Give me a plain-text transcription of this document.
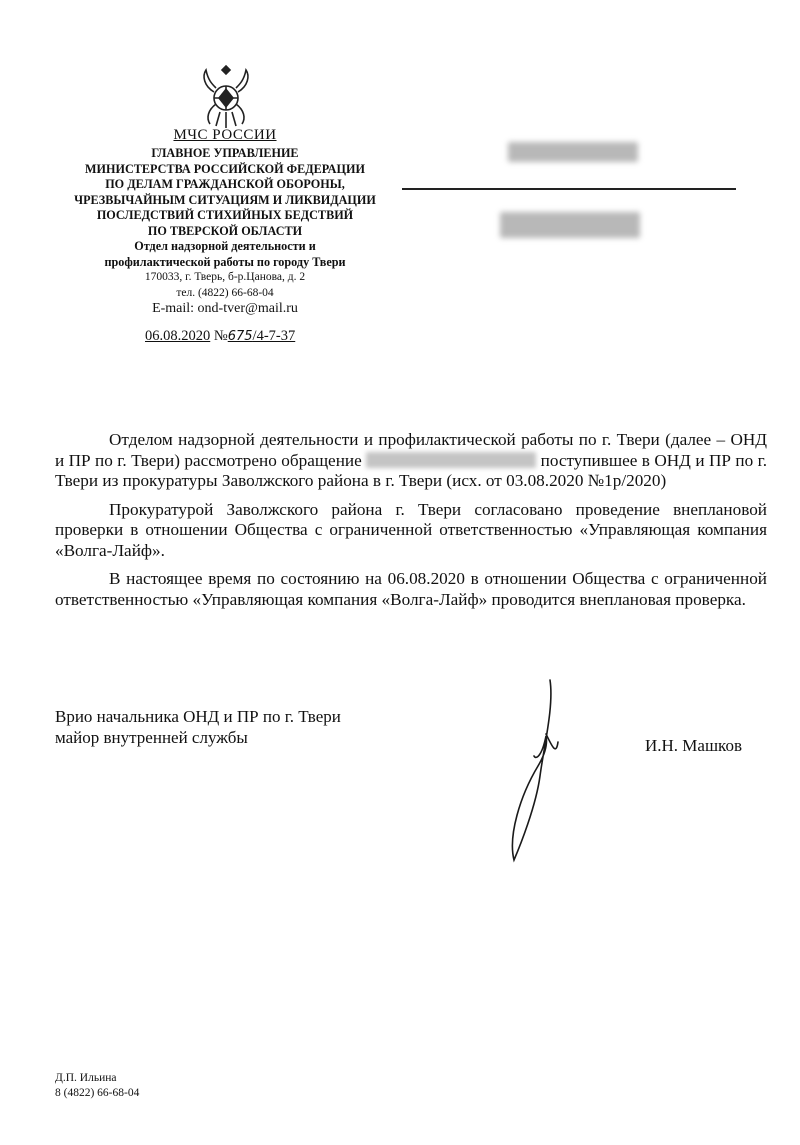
МЧС РОССИИ
ГЛАВНОЕ УПРАВЛЕНИЕ
МИНИСТЕРСТВА РОССИЙСКОЙ ФЕДЕРАЦИИ
ПО ДЕЛАМ ГРАЖДАНСКОЙ ОБОРОНЫ,
ЧРЕЗВЫЧАЙНЫМ СИТУАЦИЯМ И ЛИКВИДАЦИИ
ПОСЛЕДСТВИЙ СТИХИЙНЫХ БЕДСТВИЙ
ПО ТВЕРСКОЙ ОБЛАСТИ
Отдел надзорной деятельности и
профилактической работы по городу Твери
170033, г. Тверь, б-р.Цанова, д. 2
тел. (4822) 66-68-04
E-mail: ond-tver@mail.ru
06.08.2020 №675/4-7-37

Отделом надзорной деятельности и профилактической работы по г. Твери (далее – ОНД и ПР по г. Твери) рассмотрено обращение	поступившее в ОНД и ПР по г. Твери из прокуратуры Заволжского района в г. Твери (исх. от 03.08.2020 №1р/2020)

Прокуратурой Заволжского района г. Твери согласовано проведение внеплановой проверки в отношении Общества с ограниченной ответственностью «Управляющая компания «Волга-Лайф».

В настоящее время по состоянию на 06.08.2020 в отношении Общества с ограниченной ответственностью «Управляющая компания «Волга-Лайф» проводится внеплановая проверка.

Врио начальника ОНД и ПР по г. Твери
майор внутренней службы	И.Н. Машков
Д.П. Ильина
8 (4822) 66-68-04
